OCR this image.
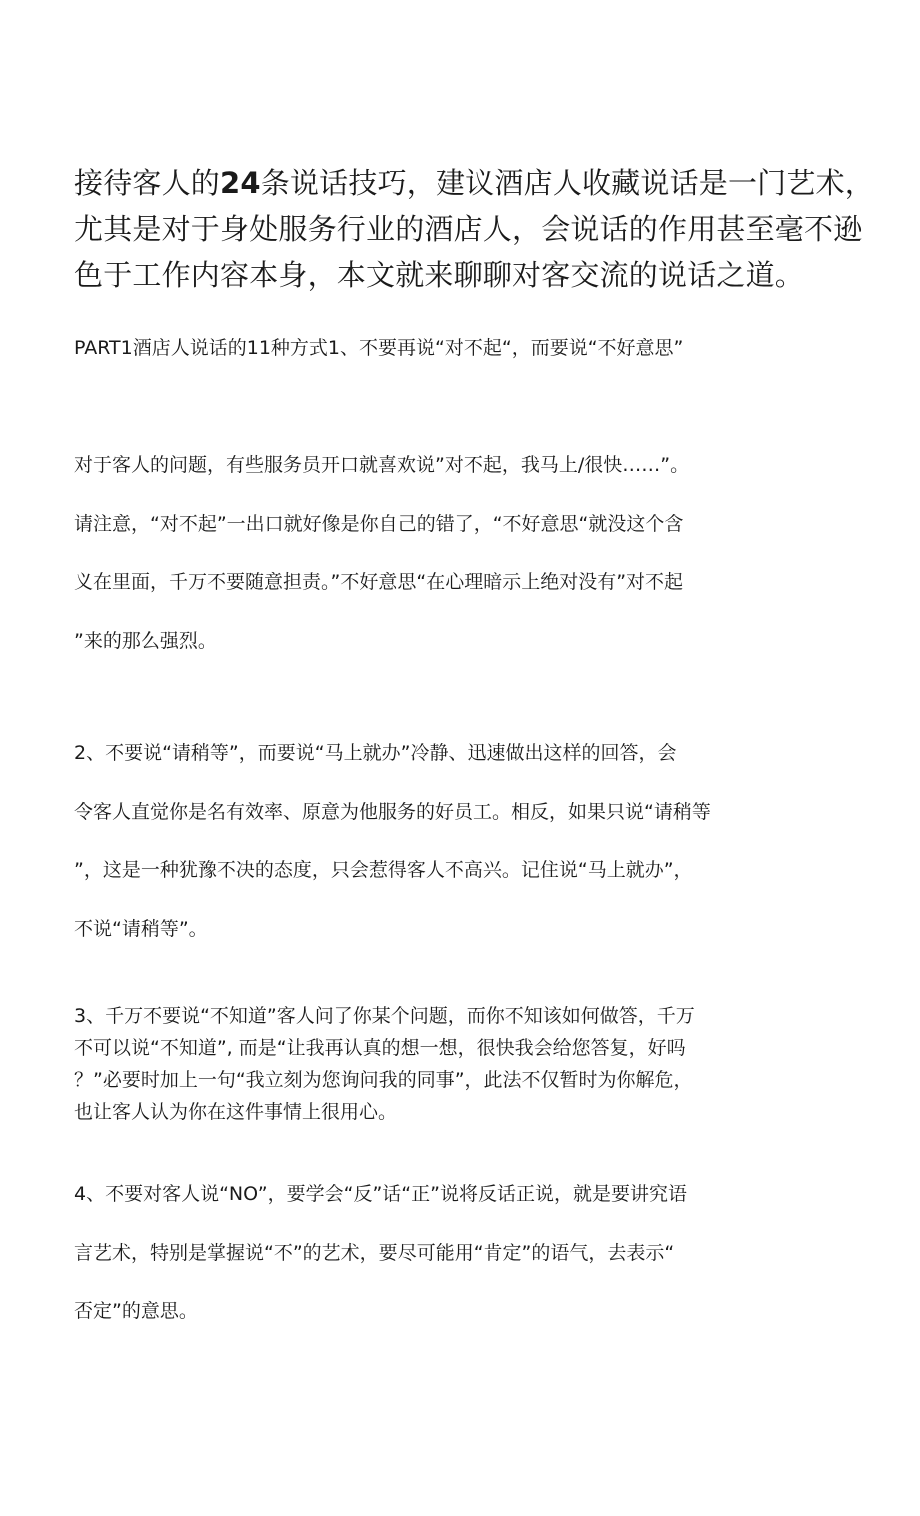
接待客人的24条说话技巧，建议酒店人收藏说话是一门艺术，
尤其是对于身处服务行业的酒店人，会说话的作用甚至毫不逊
色于工作内容本身，本文就来聊聊对客交流的说话之道。

PART1酒店人说话的11种方式1、不要再说“对不起“，而要说“不好意思”

对于客人的问题，有些服务员开口就喜欢说”对不起，我马上/很快……”。
请注意，“对不起”一出口就好像是你自己的错了，“不好意思“就没这个含
义在里面，千万不要随意担责。”不好意思“在心理暗示上绝对没有”对不起
”来的那么强烈。

2、不要说“请稍等”，而要说“马上就办”冷静、迅速做出这样的回答，会
令客人直觉你是名有效率、原意为他服务的好员工。相反，如果只说“请稍等
”，这是一种犹豫不决的态度，只会惹得客人不高兴。记住说“马上就办”，
不说“请稍等”。

3、千万不要说“不知道”客人问了你某个问题，而你不知该如何做答，千万
不可以说“不知道”, 而是“让我再认真的想一想，很快我会给您答复，好吗
？”必要时加上一句“我立刻为您询问我的同事”，此法不仅暂时为你解危，
也让客人认为你在这件事情上很用心。

4、不要对客人说“NO”，要学会“反”话“正”说将反话正说，就是要讲究语
言艺术，特别是掌握说“不”的艺术，要尽可能用“肯定”的语气，去表示“
否定”的意思。
